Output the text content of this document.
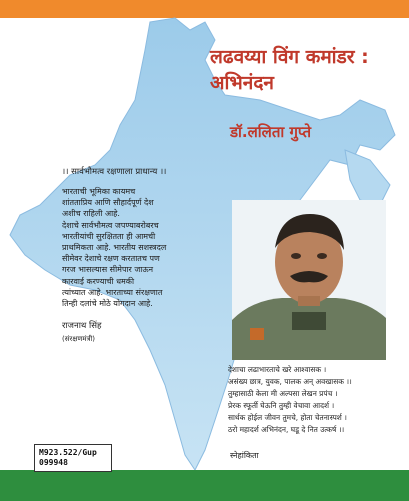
लढवय्या विंग कमांडर : अभिनंदन
डॉ.ललिता गुप्ते
।। सार्वभौमत्व रक्षणाला प्राधान्य ।।
भारताची भूमिका कायमच
शांतताप्रिय आणि सौहार्दपूर्ण देश
अशीच राहिली आहे.
देशाचे सार्वभौमत्व जपण्याबरोबरच
भारतीयांची सुरक्षितता ही आमची
प्राथमिकता आहे. भारतीय सशस्त्रदल
सीमेवर देशाचे रक्षण करतातच पण
गरज भासल्यास सीमेपार जाऊन
कारवाई करण्याची धमकी
त्यांच्यात आहे. भारताच्या संरक्षणात
तिन्ही दलांचे मोठे योगदान आहे.
राजनाथ सिंह
(संरक्षणमंत्री)
देशाचा लढाभारताचे खरे आश्वासक ।
असंख्य छात्र, युवक, पालक अन् अवखासक ।।
तुम्हासाठी केला मी अल्पसा लेखन प्रपंच ।
प्रेरक स्फूर्ती घेऊनि तुम्ही वेचावा आदर्श ।
सार्थक होईल जीवन तुमचे, होता चेतनास्पर्श ।
ठरो महादर्श अभिनंदन, घडू दे नित उत्कर्ष ।।
स्नेहांकिता
M923.522/Gup
099948
